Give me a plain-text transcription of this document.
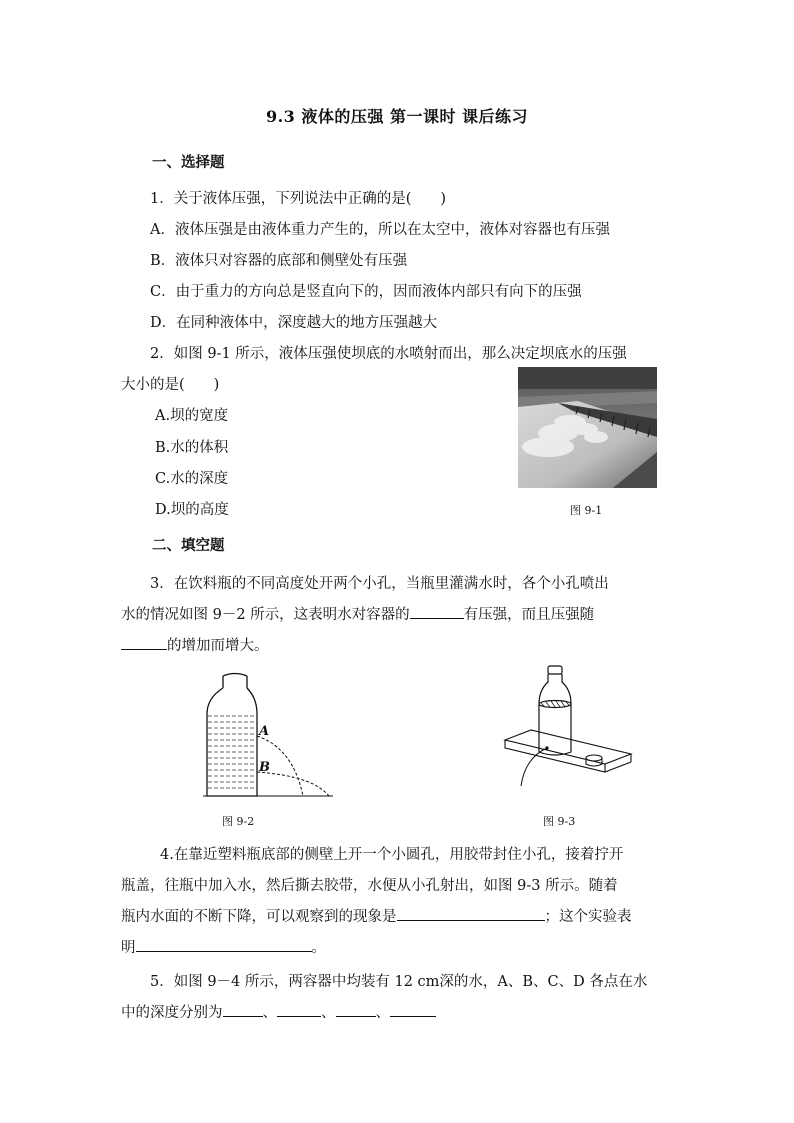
9.3 液体的压强 第一课时 课后练习
一、选择题
1．关于液体压强，下列说法中正确的是(　　)
A．液体压强是由液体重力产生的，所以在太空中，液体对容器也有压强
B．液体只对容器的底部和侧壁处有压强
C．由于重力的方向总是竖直向下的，因而液体内部只有向下的压强
D．在同种液体中，深度越大的地方压强越大
2．如图 9-1 所示，液体压强使坝底的水喷射而出，那么决定坝底水的压强
大小的是(　　)
A.坝的宽度
B.水的体积
C.水的深度
D.坝的高度	图 9-1
二、填空题
3．在饮料瓶的不同高度处开两个小孔，当瓶里灌满水时，各个小孔喷出
水的情况如图 9－2 所示，这表明水对容器的	有压强，而且压强随
的增加而增大。
A
B
图 9-2	图 9-3
4.在靠近塑料瓶底部的侧壁上开一个小圆孔，用胶带封住小孔，接着拧开
瓶盖，往瓶中加入水，然后撕去胶带，水便从小孔射出，如图 9-3 所示。随着
瓶内水面的不断下降，可以观察到的现象是	；这个实验表
明	。
5．如图 9－4 所示，两容器中均装有 12 cm深的水，A、B、C、D 各点在水
中的深度分别为	、	、	、
